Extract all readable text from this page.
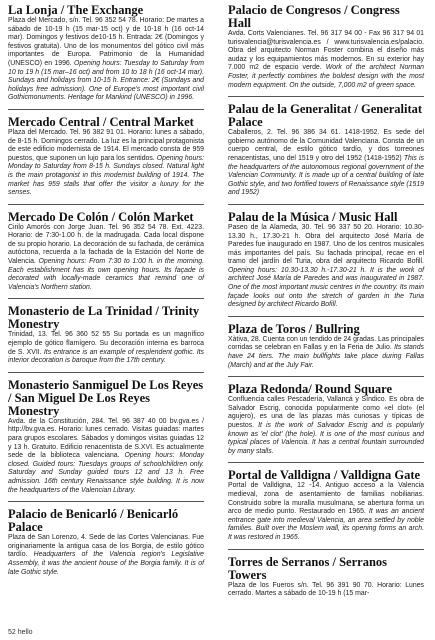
La Lonja / The Exchange

Plaza del Mercado, s/n. Tel. 96 352 54 78. Horario: De martes a sábado de 10-19 h (15 mar-15 oct) y de 10-18 h (16 oct-14 mar). Domingos y festivos de10-15 h. Entrada: 2€ (Domingos y festivos gratuita). Uno de los monumentos del gótico civil más importantes de Europa. Patrimonio de la Humanidad (UNESCO) en 1996. Opening hours: Tuesday to Saturday from 10 to 19 h (15 mar–16 oct) and from 10 to 18 h (16 oct-14 mar). Sundays and holidays from 10-15 h. Entrance: 2€ (Sundays and holidays free admission). One of Europe's most important civil Gothicmonuments. Heritage for Mankind (UNESCO) in 1996.

Mercado Central / Central Market

Plaza del Mercado. Tel. 96 382 91 01. Horario: lunes a sábado, de 8-15 h. Domingos cerrado. La luz es la principal protagonista de este edificio modernista de 1914. El mercado consta de 959 puestos, que suponen un lujo para los sentidos. Opening hours: Monday to Saturday from 8-15 h. Sundays closed. Natural light is the main protagonist in this modernist building of 1914. The market has 959 stalls that offer the visitor a luxury for the senses.

Mercado De Colón / Colón Market

Cirilo Amorós con Jorge Juan. Tel. 96 352 54 78. Ext. 4223. Horario: de 7:30-1.00 h. de la madrugada. Cada local dispone de su propio horario. La decoración de su fachada, de cerámica autóctona, recuerda a la fachada de la Estación del Norte de Valencia. Opening hours: From 7:30 to 1:00 h. in the morning. Each establishment has its own opening hours. Its façade is decorated with locally-made ceramics that remind one of Valencia's Northern station.

Monasterio de La Trinidad / Trinity Monestry

Trinidad, 13. Tel. 96 360 52 55 Su portada es un magnífico ejemplo de gótico flamígero. Su decoración interna es barroca de S. XVII. Its entrance is an example of resplendent gothic. Its interior decoration is baroque from the 17th century.

Monasterio Sanmiguel De Los Reyes / San Miguel De Los Reyes Monestry

Avda. de la Constitución, 284. Tel. 96 387 40 00 bv.gva.es / http://bv.gva.es. Horario: lunes cerrado. Visitas guiadas: martes para grupos escolares. Sábados y domingos visitas guiadas 12 y 13 h. Gratuito. Edificio renacentista de S.XVI. Es actualmente sede de la biblioteca valenciana. Opening hours: Monday closed. Guided tours: Tuesdays groups of schoolchildren only. Saturday and Sunday guided tours 12 and 13 h. Free admission. 16th century Renaissance style building. It is now the headquarters of the Valencian Library.

Palacio de Benicarló / Benicarló Palace

Plaza de San Lorenzo, 4. Sede de las Cortes Valencianas. Fue originariamente la antigua casa de los Borgia, de estilo gótico tardío. Headquarters of the Valencia region's Legislative Assembly, it was the ancient house of the Borgia family. It is of late Gothic style.

Palacio de Congresos / Congress Hall

Avda. Corts Valencianes. Tel. 96 317 94 00 - Fax 96 317 94 01 turisvalencia@turisvalencia.es / www.turisvalencia.es/palacio. Obra del arquitecto Norman Foster combina el diseño más audaz y los equipamientos más modernos. En su exterior hay 7.000 m2 de espacio verde. Work of the architect Norman Foster, it perfectly combines the boldest design with the most modern equipment. On the outside, 7,000 m2 of green space.

Palau de la Generalitat / Generalitat Palace

Caballeros, 2. Tel. 96 386 34 61. 1418-1952. Es sede del gobierno autónomo de la Comunidad Valenciana. Consta de un cuerpo central, de estilo gótico tardío, y dos torreones renacentistas, uno del 1519 y otro del 1952 (1418-1952) This is the headquarters of the autonomous regional government of the Valencian Community. It is made up of a central building of late Gothic style, and two fortified towers of Renaissance style (1519 and 1952)

Palau de la Música / Music Hall

Paseo de la Alameda, 30. Tel. 96 337 50 20. Horario: 10.30-13.30 h., 17.30-21 h. Obra del arquitecto José María de Paredes fue inaugurado en 1987. Uno de los centros musicales más importantes del país. Su fachada principal, recae en el tramo del jardín del Turia, obra del arquitecto Ricardo Bofill. Opening hours: 10.30-13.30 h.-17.30-21 h. It is the work of architect José María de Paredes and was inaugurated in 1987. One of the most important music centres in the country. Its main façade looks out onto the stretch of garden in the Turia designed by architect Ricardo Bofill.

Plaza de Toros / Bullring

Xàtiva, 28. Cuenta con un tendido de 24 gradas. Las principales corridas se celebran en Fallas y en la Feria de Julio. Its stands have 24 tiers. The main bullfights take place during Fallas (March) and at the July Fair.

Plaza Redonda/ Round Square

Confluencia calles Pescadería, Vallancá y Síndico. Es obra de Salvador Escrig, conocida popularmente como «el clot» (el agujero), es una de las plazas más curiosas y típicas de puestos. It is the work of Salvador Escrig and is popularly known as 'el clot' (the hole). It is one of the most curious and typical places of Valencia. It has a central fountain surrounded by many stalls.

Portal de Valldigna / Valldigna Gate

Portal de Valldigna, 12 -14. Antiguo acceso a la Valencia medieval, zona de asentamiento de familias nobiliarias. Construido sobre la muralla musulmana, se abertura forma un arco de medio punto. Restaurado en 1965. It was an ancient entrance gate into medieval Valencia, an area settled by noble families. Built over the Moslem wall, its opening forms an arch. It was restored in 1965.

Torres de Serranos / Serranos Towers

Plaza de los Fueros s/n. Tel. 96 391 90 70. Horario: Lunes cerrado. Martes a sábado de 10-19 h (15 mar-

52 hello
